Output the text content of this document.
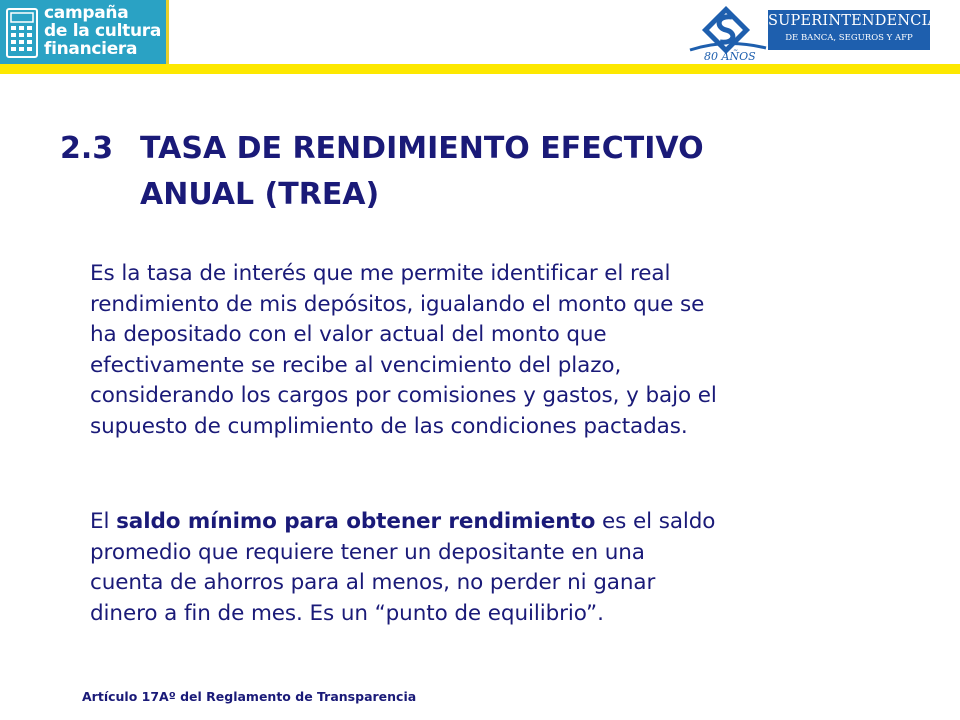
campaña
de la cultura
financiera	80 AÑOS
SUPERINTENDENCIA
DE BANCA, SEGUROS Y AFP
2.3 TASA DE RENDIMIENTO EFECTIVO
ANUAL (TREA)
Es la tasa de interés que me permite identificar el real
rendimiento de mis depósitos, igualando el monto que se
ha depositado con el valor actual del monto que
efectivamente se recibe al vencimiento del plazo,
considerando los cargos por comisiones y gastos, y bajo el
supuesto de cumplimiento de las condiciones pactadas.
El saldo mínimo para obtener rendimiento es el saldo
promedio que requiere tener un depositante en una
cuenta de ahorros para al menos, no perder ni ganar
dinero a fin de mes. Es un “punto de equilibrio”.
Artículo 17Aº del Reglamento de Transparencia
